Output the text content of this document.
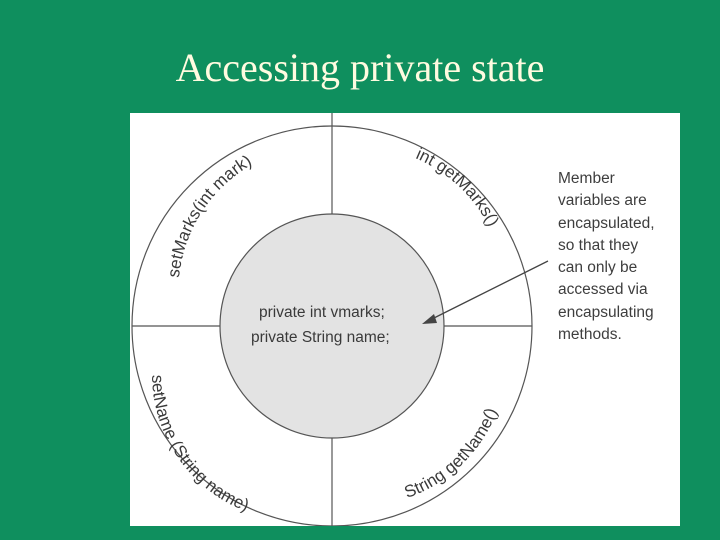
Accessing private state
setMarks(int mark)	int getMarks()
setName (String name)
String getName()
private int vmarks;
private String name;

Member
variables are
encapsulated,
so that they
can only be
accessed via
encapsulating
methods.
